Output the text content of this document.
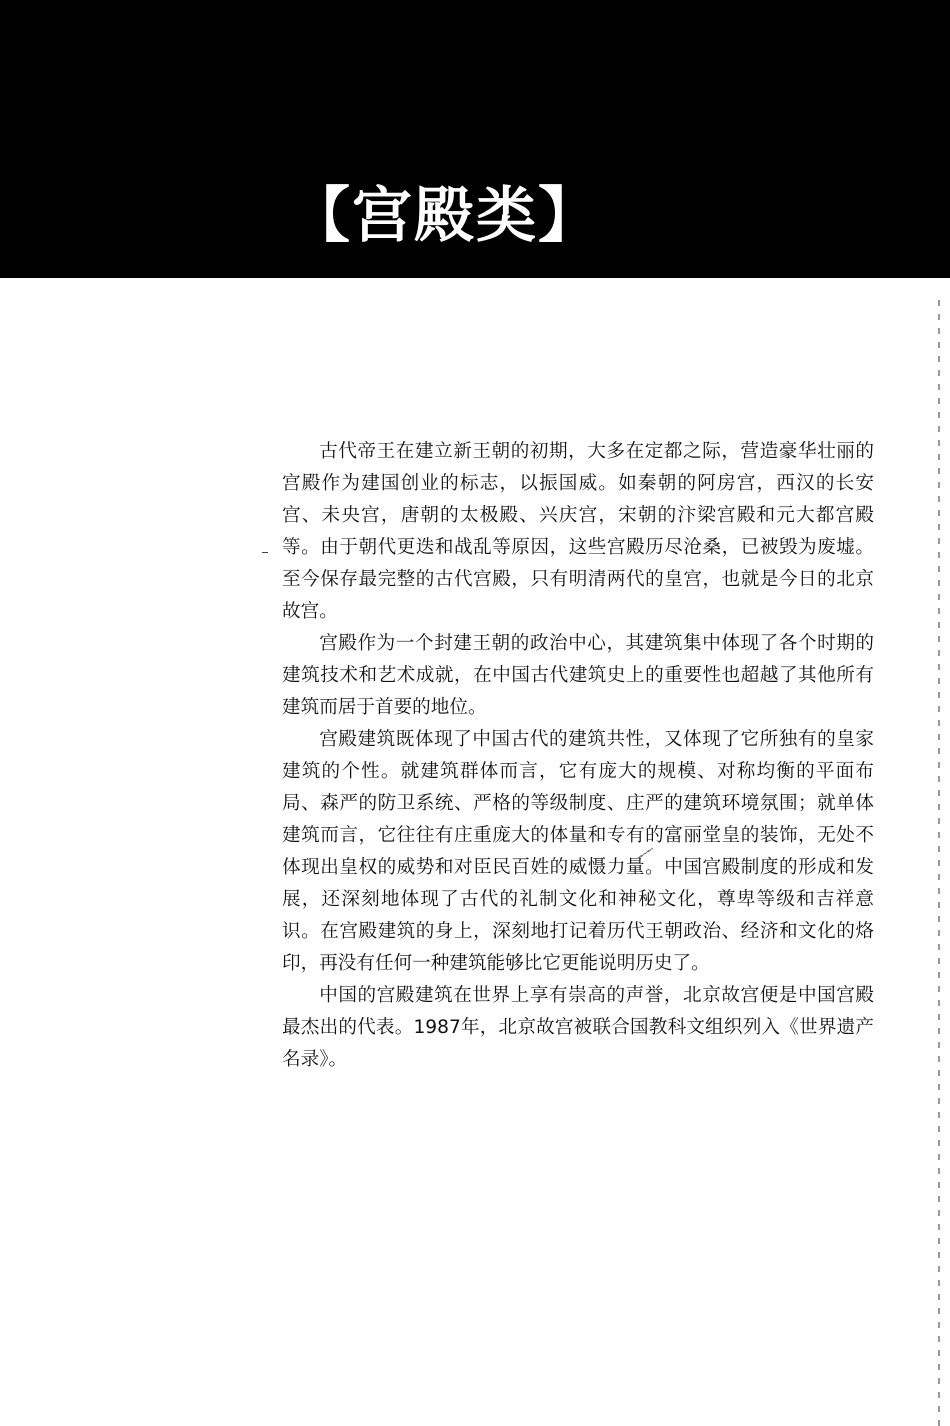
【宫殿类】

古代帝王在建立新王朝的初期，大多在定都之际，营造豪华壮丽的宫殿作为建国创业的标志，以振国威。如秦朝的阿房宫，西汉的长安宫、未央宫，唐朝的太极殿、兴庆宫，宋朝的汴梁宫殿和元大都宫殿等。由于朝代更迭和战乱等原因，这些宫殿历尽沧桑，已被毁为废墟。至今保存最完整的古代宫殿，只有明清两代的皇宫，也就是今日的北京故宫。

宫殿作为一个封建王朝的政治中心，其建筑集中体现了各个时期的建筑技术和艺术成就，在中国古代建筑史上的重要性也超越了其他所有建筑而居于首要的地位。

宫殿建筑既体现了中国古代的建筑共性，又体现了它所独有的皇家建筑的个性。就建筑群体而言，它有庞大的规模、对称均衡的平面布局、森严的防卫系统、严格的等级制度、庄严的建筑环境氛围；就单体建筑而言，它往往有庄重庞大的体量和专有的富丽堂皇的装饰，无处不体现出皇权的威势和对臣民百姓的威慑力量。中国宫殿制度的形成和发展，还深刻地体现了古代的礼制文化和神秘文化，尊卑等级和吉祥意识。在宫殿建筑的身上，深刻地打记着历代王朝政治、经济和文化的烙印，再没有任何一种建筑能够比它更能说明历史了。

中国的宫殿建筑在世界上享有崇高的声誉，北京故宫便是中国宫殿最杰出的代表。1987年，北京故宫被联合国教科文组织列入《世界遗产名录》。
